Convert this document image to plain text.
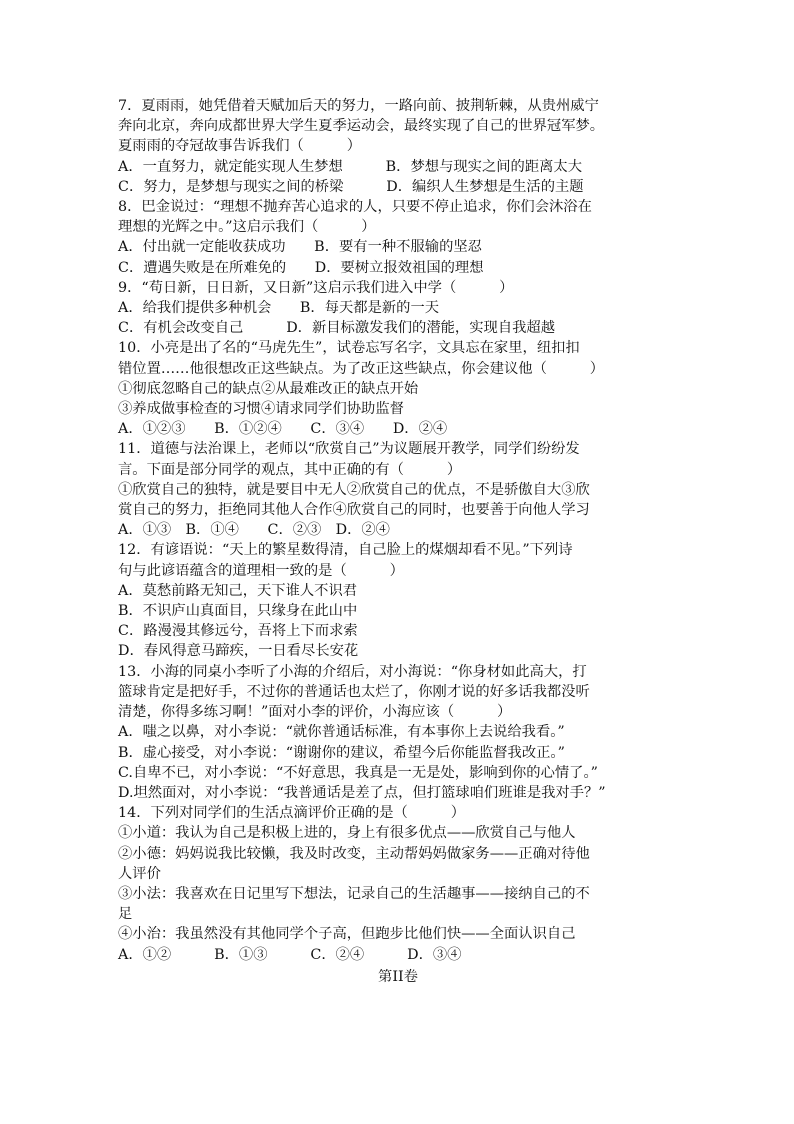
7．夏雨雨，她凭借着天赋加后天的努力，一路向前、披荆斩棘，从贵州威宁
奔向北京，奔向成都世界大学生夏季运动会，最终实现了自己的世界冠军梦。
夏雨雨的夺冠故事告诉我们（　　　）
A．一直努力，就定能实现人生梦想　　　B．梦想与现实之间的距离太大
C．努力，是梦想与现实之间的桥梁　　　D．编织人生梦想是生活的主题
8．巴金说过：“理想不抛弃苦心追求的人，只要不停止追求，你们会沐浴在
理想的光辉之中。”这启示我们（　　　）
A．付出就一定能收获成功　　B．要有一种不服输的坚忍
C．遭遇失败是在所难免的　　D．要树立报效祖国的理想
9．“苟日新，日日新，又日新”这启示我们进入中学（　　　）
A．给我们提供多种机会　　B．每天都是新的一天
C．有机会改变自己　　　D．新目标激发我们的潜能，实现自我超越
10．小亮是出了名的“马虎先生”，试卷忘写名字，文具忘在家里，纽扣扣
错位置……他很想改正这些缺点。为了改正这些缺点，你会建议他（　　　）
①彻底忽略自己的缺点②从最难改正的缺点开始
③养成做事检查的习惯④请求同学们协助监督
A．①②③　　B．①②④　　C．③④　　D．②④
11．道德与法治课上，老师以“欣赏自己”为议题展开教学，同学们纷纷发
言。下面是部分同学的观点，其中正确的有（　　　）
①欣赏自己的独特，就是要目中无人②欣赏自己的优点，不是骄傲自大③欣
赏自己的努力，拒绝同其他人合作④欣赏自己的同时，也要善于向他人学习
A．①③　B．①④　　C．②③　D．②④
12．有谚语说：“天上的繁星数得清，自己脸上的煤烟却看不见。”下列诗
句与此谚语蕴含的道理相一致的是（　　　）
A．莫愁前路无知己，天下谁人不识君
B．不识庐山真面目，只缘身在此山中
C．路漫漫其修远兮，吾将上下而求索
D．春风得意马蹄疾，一日看尽长安花
13．小海的同桌小李听了小海的介绍后，对小海说：“你身材如此高大，打
篮球肯定是把好手，不过你的普通话也太烂了，你刚才说的好多话我都没听
清楚，你得多练习啊！”面对小李的评价，小海应该（　　　）
A．嗤之以鼻，对小李说：“就你普通话标准，有本事你上去说给我看。”
B．虚心接受，对小李说：“谢谢你的建议，希望今后你能监督我改正。”
C.自卑不已，对小李说：“不好意思，我真是一无是处，影响到你的心情了。”
D.坦然面对，对小李说：“我普通话是差了点，但打篮球咱们班谁是我对手？”
14．下列对同学们的生活点滴评价正确的是（　　　）
①小道：我认为自己是积极上进的，身上有很多优点——欣赏自己与他人
②小德：妈妈说我比较懒，我及时改变，主动帮妈妈做家务——正确对待他
人评价
③小法：我喜欢在日记里写下想法，记录自己的生活趣事——接纳自己的不
足
④小治：我虽然没有其他同学个子高，但跑步比他们快——全面认识自己
A．①②　　　B．①③　　　C．②④　　　D．③④
第II卷
